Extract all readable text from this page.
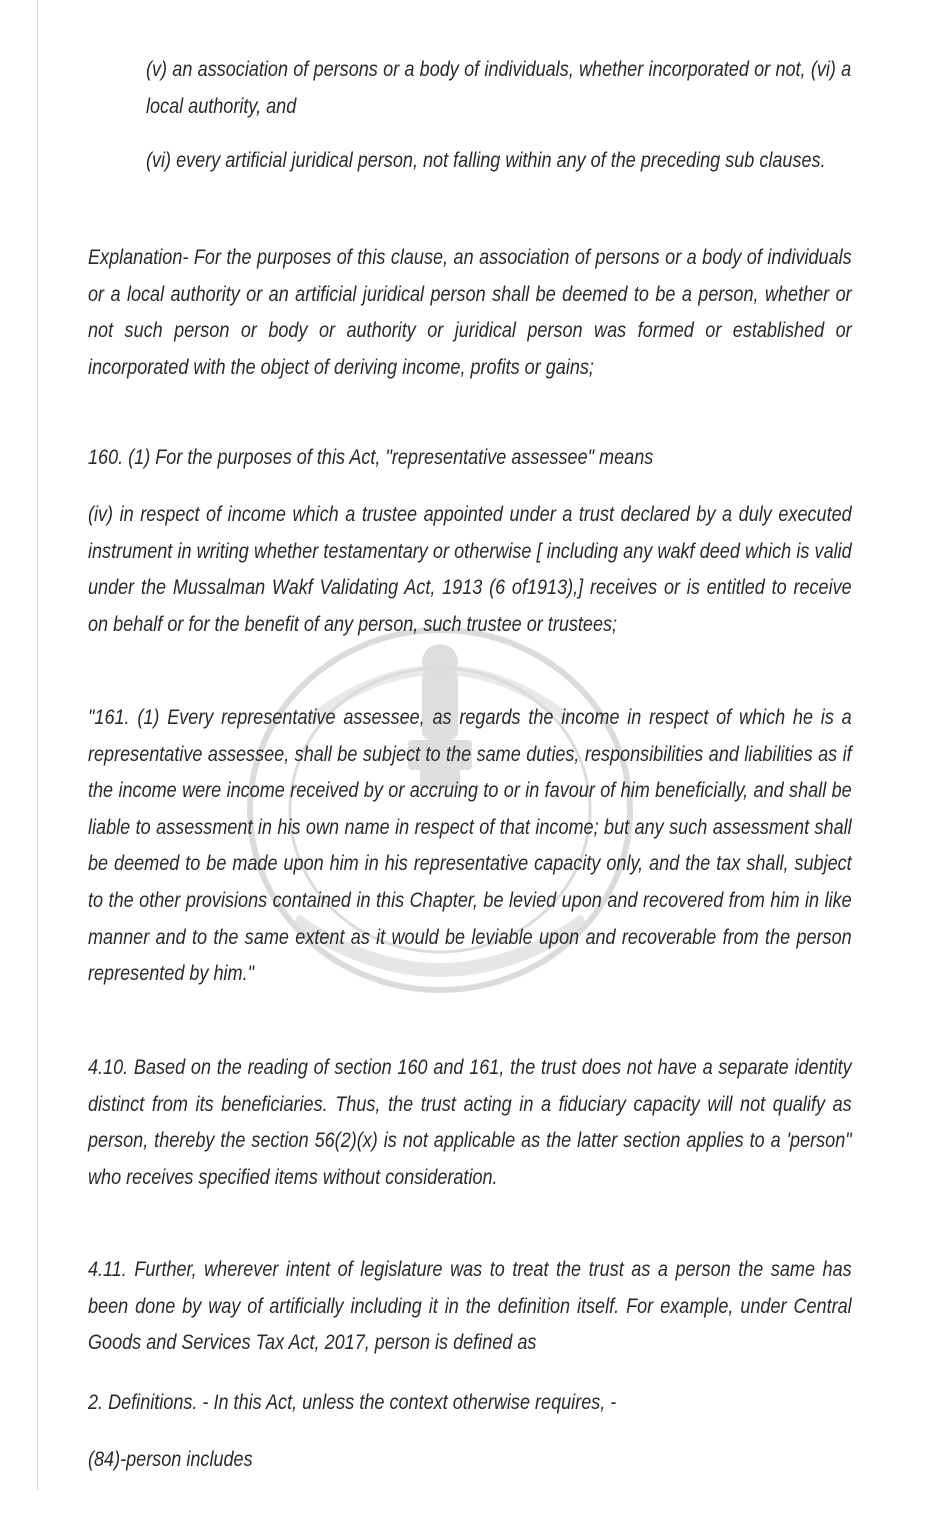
(v) an association of persons or a body of individuals, whether incorporated or not, (vi) a local authority, and

(vi) every artificial juridical person, not falling within any of the preceding sub clauses.

Explanation- For the purposes of this clause, an association of persons or a body of individuals or a local authority or an artificial juridical person shall be deemed to be a person, whether or not such person or body or authority or juridical person was formed or established or incorporated with the object of deriving income, profits or gains;

160. (1) For the purposes of this Act, "representative assessee" means

(iv) in respect of income which a trustee appointed under a trust declared by a duly executed instrument in writing whether testamentary or otherwise [ including any wakf deed which is valid under the Mussalman Wakf Validating Act, 1913 (6 of1913),] receives or is entitled to receive on behalf or for the benefit of any person, such trustee or trustees;

"161. (1) Every representative assessee, as regards the income in respect of which he is a representative assessee, shall be subject to the same duties, responsibilities and liabilities as if the income were income received by or accruing to or in favour of him beneficially, and shall be liable to assessment in his own name in respect of that income; but any such assessment shall be deemed to be made upon him in his representative capacity only, and the tax shall, subject to the other provisions contained in this Chapter, be levied upon and recovered from him in like manner and to the same extent as it would be leviable upon and recoverable from the person represented by him."

4.10. Based on the reading of section 160 and 161, the trust does not have a separate identity distinct from its beneficiaries. Thus, the trust acting in a fiduciary capacity will not qualify as person, thereby the section 56(2)(x) is not applicable as the latter section applies to a 'person" who receives specified items without consideration.

4.11. Further, wherever intent of legislature was to treat the trust as a person the same has been done by way of artificially including it in the definition itself. For example, under Central Goods and Services Tax Act, 2017, person is defined as

2. Definitions. - In this Act, unless the context otherwise requires, -

(84)-person includes
